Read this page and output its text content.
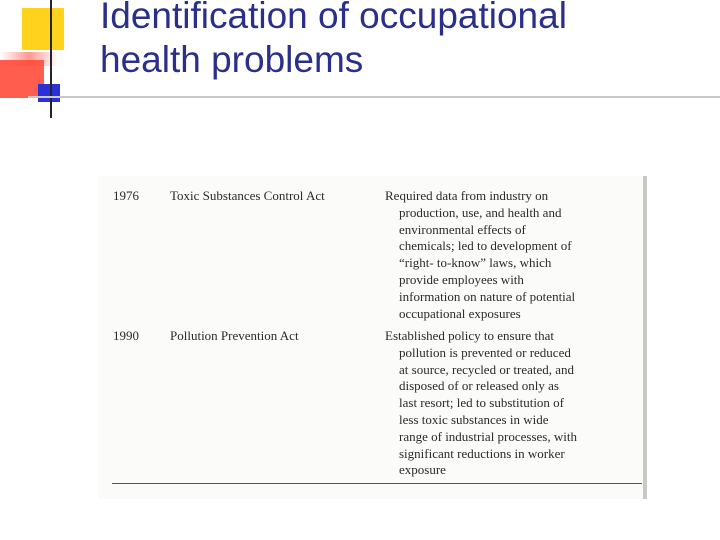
Identification of occupational
health problems
1976 Toxic Substances Control Act	Required data from industry on
production, use, and health and
environmental effects of
chemicals; led to development of
“right- to-know” laws, which
provide employees with
information on nature of potential
occupational exposures
1990 Pollution Prevention Act	Established policy to ensure that
pollution is prevented or reduced
at source, recycled or treated, and
disposed of or released only as
last resort; led to substitution of
less toxic substances in wide
range of industrial processes, with
significant reductions in worker
exposure
